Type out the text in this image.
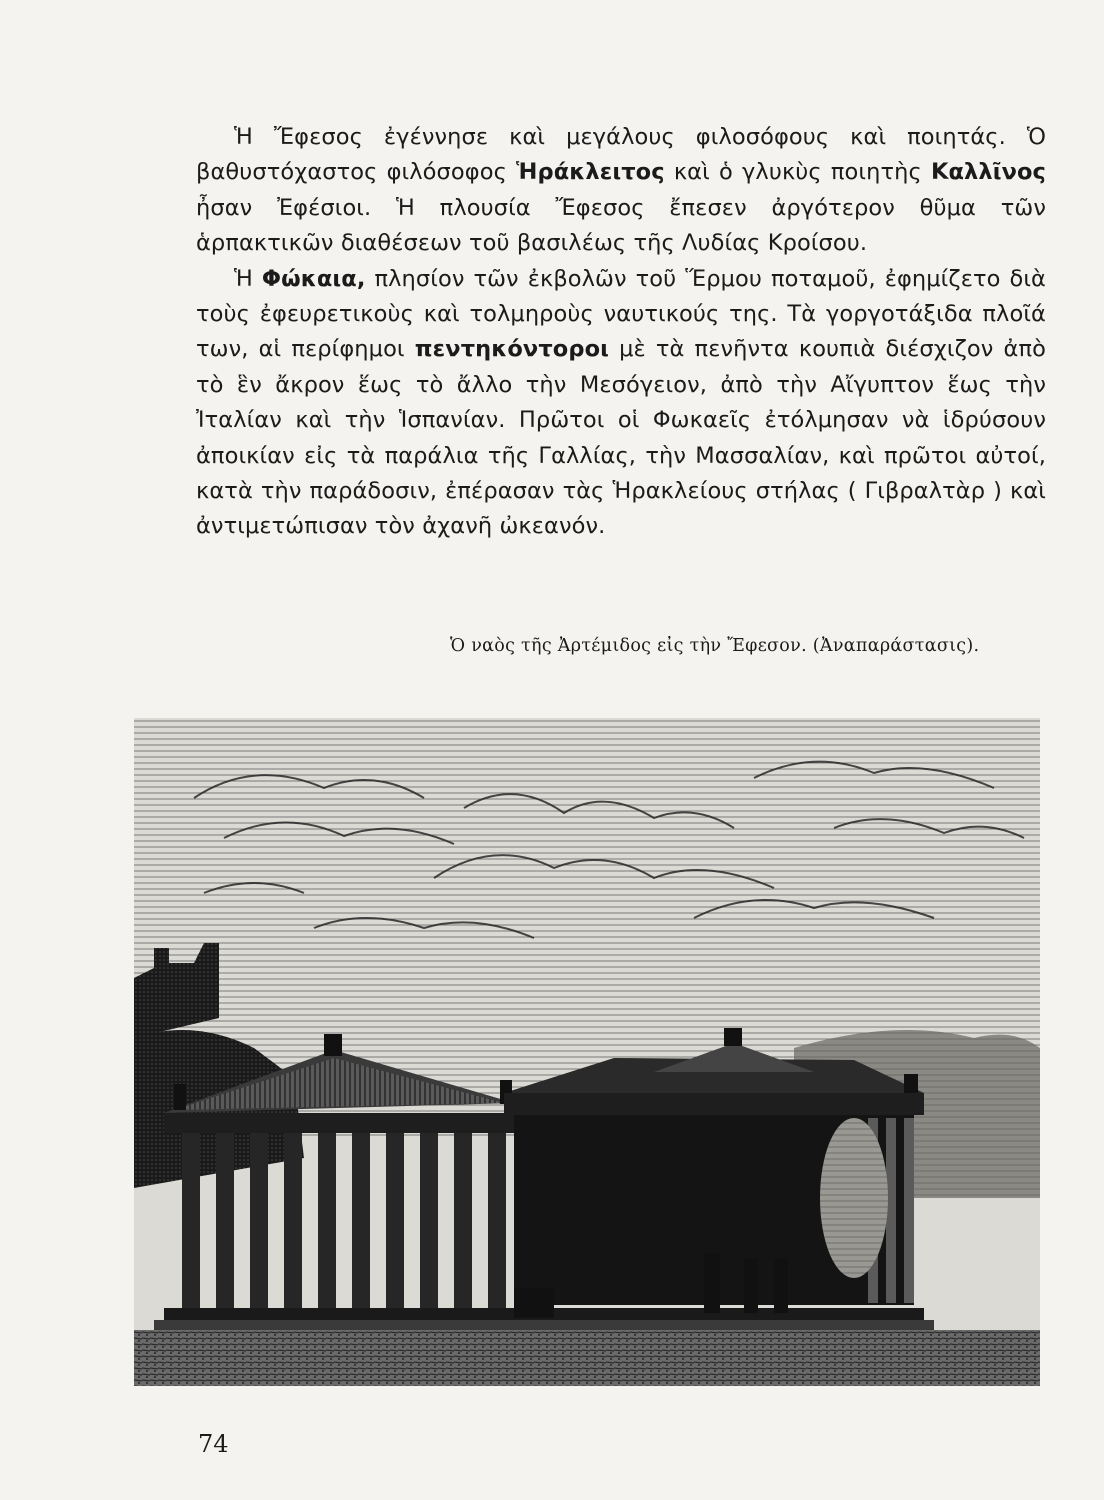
Ἡ Ἔφεσος ἐγέννησε καὶ μεγάλους φιλοσόφους καὶ ποιητάς. Ὁ βαθυστόχαστος φιλόσοφος Ἡράκλειτος καὶ ὁ γλυκὺς ποιητὴς Καλλῖνος ἦσαν Ἐφέσιοι. Ἡ πλουσία Ἔφεσος ἔπεσεν ἀργότερον θῦμα τῶν ἁρπακτικῶν διαθέσεων τοῦ βασιλέως τῆς Λυδίας Κροίσου.

Ἡ Φώκαια, πλησίον τῶν ἐκβολῶν τοῦ Ἕρμου ποταμοῦ, ἐφημίζετο διὰ τοὺς ἐφευρετικοὺς καὶ τολμηροὺς ναυτικούς της. Τὰ γοργοτάξιδα πλοῖά των, αἱ περίφημοι πεντηκόντοροι μὲ τὰ πενῆντα κουπιὰ διέσχιζον ἀπὸ τὸ ἓν ἄκρον ἕως τὸ ἄλλο τὴν Μεσόγειον, ἀπὸ τὴν Αἴγυπτον ἕως τὴν Ἰταλίαν καὶ τὴν Ἱσπανίαν. Πρῶτοι οἱ Φωκαεῖς ἐτόλμησαν νὰ ἱδρύσουν ἀποικίαν εἰς τὰ παράλια τῆς Γαλλίας, τὴν Μασσαλίαν, καὶ πρῶτοι αὐτοί, κατὰ τὴν παράδοσιν, ἐπέρασαν τὰς Ἡρακλείους στήλας ( Γιβραλτὰρ ) καὶ ἀντιμετώπισαν τὸν ἀχανῆ ὠκεανόν.

Ὁ ναὸς τῆς Ἀρτέμιδος εἰς τὴν Ἔφεσον. (Ἀναπαράστασις).
74
